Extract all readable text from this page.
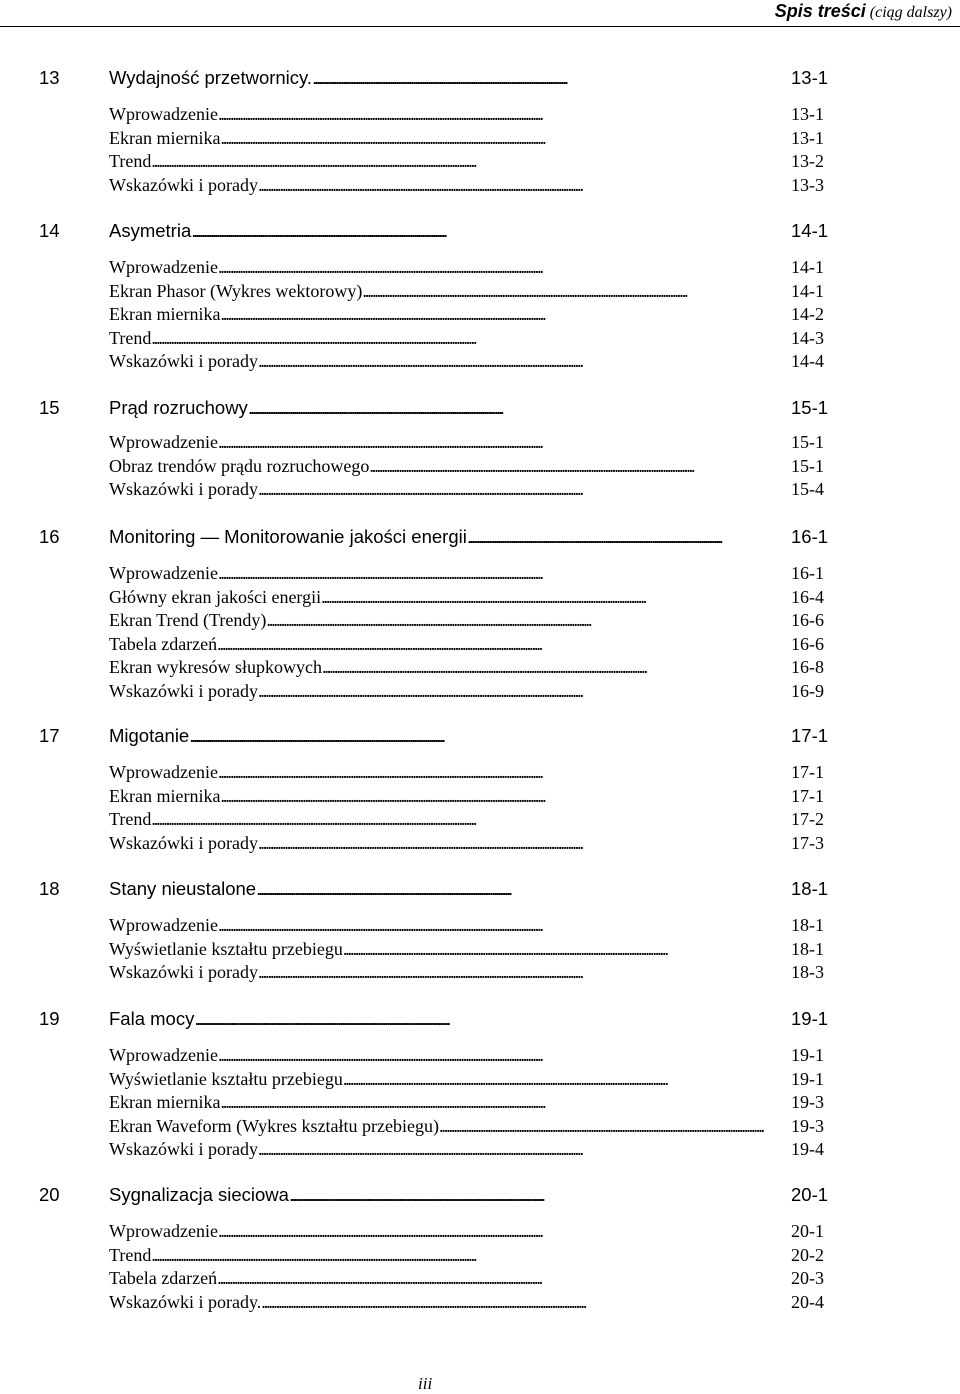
Spis treści (ciąg dalszy)
13	Wydajność przetwornicy. . . .	13-1
Wprowadzenie . . .	13-1
Ekran miernika . . .	13-1
Trend . . .	13-2
Wskazówki i porady . . .	13-3
14	Asymetria . . .	14-1
Wprowadzenie . . .	14-1
Ekran Phasor (Wykres wektorowy) . . .	14-1
Ekran miernika . . .	14-2
Trend . . .	14-3
Wskazówki i porady . . .	14-4
15	Prąd rozruchowy . . .	15-1
Wprowadzenie . . .	15-1
Obraz trendów prądu rozruchowego . . .	15-1
Wskazówki i porady . . .	15-4
16	Monitoring — Monitorowanie jakości energii . . .	16-1
Wprowadzenie . . .	16-1
Główny ekran jakości energii . . .	16-4
Ekran Trend (Trendy) . . .	16-6
Tabela zdarzeń . . .	16-6
Ekran wykresów słupkowych . . .	16-8
Wskazówki i porady . . .	16-9
17	Migotanie . . .	17-1
Wprowadzenie . . .	17-1
Ekran miernika . . .	17-1
Trend . . .	17-2
Wskazówki i porady . . .	17-3
18	Stany nieustalone . . .	18-1
Wprowadzenie . . .	18-1
Wyświetlanie kształtu przebiegu . . .	18-1
Wskazówki i porady . . .	18-3
19	Fala mocy . . .	19-1
Wprowadzenie . . .	19-1
Wyświetlanie kształtu przebiegu . . .	19-1
Ekran miernika . . .	19-3
Ekran Waveform (Wykres kształtu przebiegu) . . .	19-3
Wskazówki i porady . . .	19-4
20	Sygnalizacja sieciowa . . .	20-1
Wprowadzenie . . .	20-1
Trend . . .	20-2
Tabela zdarzeń . . .	20-3
Wskazówki i porady. . . .	20-4
iii
